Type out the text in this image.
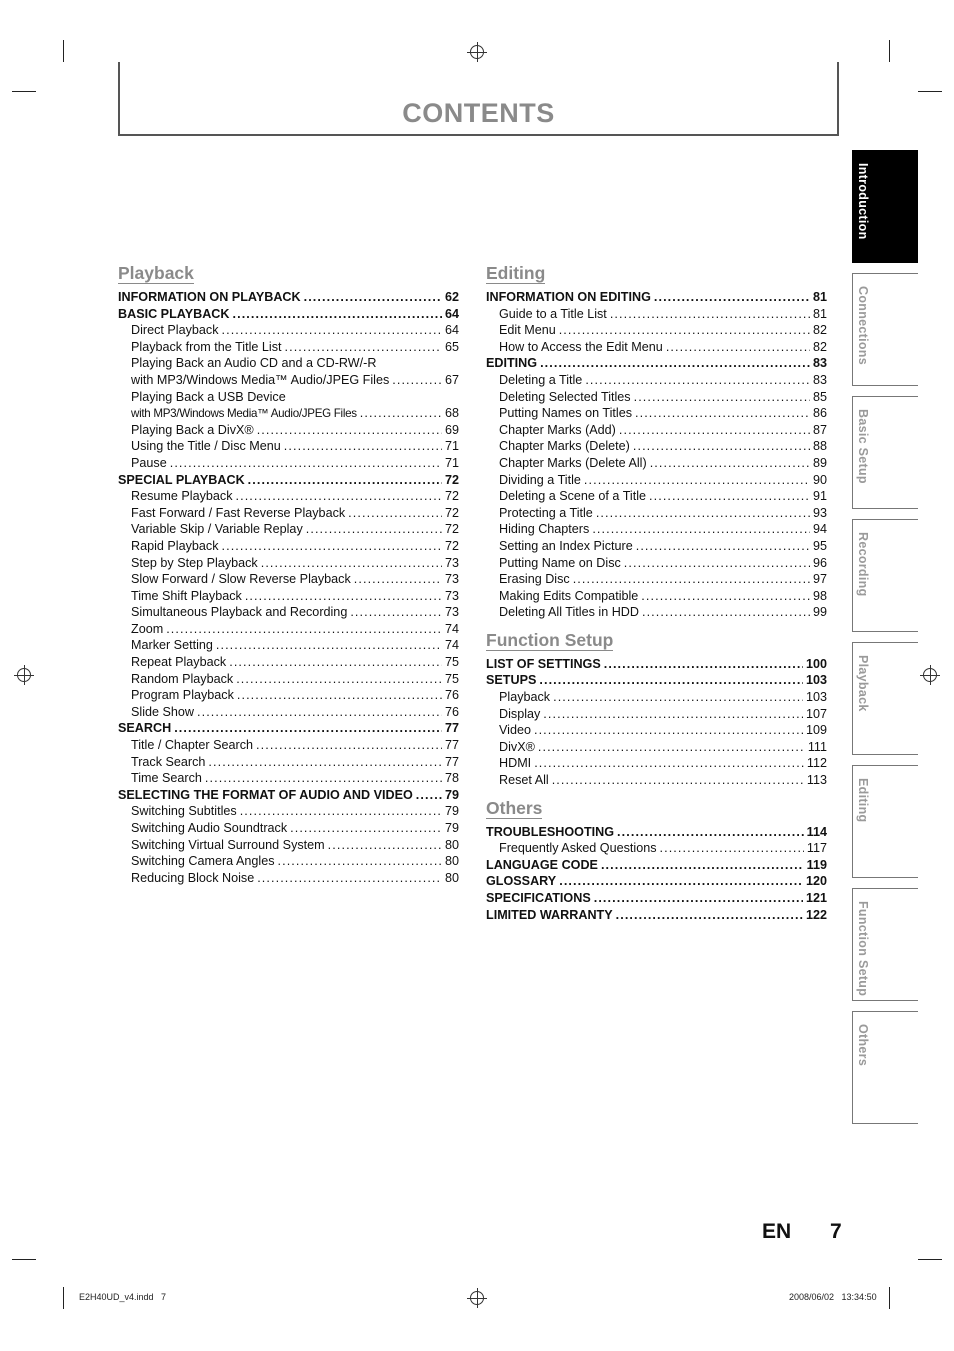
CONTENTS
Playback
INFORMATION ON PLAYBACK . . .	62
BASIC PLAYBACK . . .	64
Direct Playback . . .	64
Playback from the Title List . . .	65
Playing Back an Audio CD and a CD-RW/-R
with MP3/Windows Media™ Audio/JPEG Files . . .	67
Playing Back a USB Device
with MP3/Windows Media™ Audio/JPEG Files . . .	68
Playing Back a DivX® . . .	69
Using the Title / Disc Menu . . .	71
Pause . . .	71
SPECIAL PLAYBACK . . .	72
Resume Playback . . .	72
Fast Forward / Fast Reverse Playback . . .	72
Variable Skip / Variable Replay . . .	72
Rapid Playback . . .	72
Step by Step Playback . . .	73
Slow Forward / Slow Reverse Playback . . .	73
Time Shift Playback . . .	73
Simultaneous Playback and Recording . . .	73
Zoom . . .	74
Marker Setting . . .	74
Repeat Playback . . .	75
Random Playback . . .	75
Program Playback . . .	76
Slide Show . . .	76
SEARCH . . .	77
Title / Chapter Search . . .	77
Track Search . . .	77
Time Search . . .	78
SELECTING THE FORMAT OF AUDIO AND VIDEO . . .	79
Switching Subtitles . . .	79
Switching Audio Soundtrack . . .	79
Switching Virtual Surround System . . .	80
Switching Camera Angles . . .	80
Reducing Block Noise . . .	80
Editing
INFORMATION ON EDITING . . .	81
Guide to a Title List . . .	81
Edit Menu . . .	82
How to Access the Edit Menu . . .	82
EDITING . . .	83
Deleting a Title . . .	83
Deleting Selected Titles . . .	85
Putting Names on Titles . . .	86
Chapter Marks (Add) . . .	87
Chapter Marks (Delete) . . .	88
Chapter Marks (Delete All) . . .	89
Dividing a Title . . .	90
Deleting a Scene of a Title . . .	91
Protecting a Title . . .	93
Hiding Chapters . . .	94
Setting an Index Picture . . .	95
Putting Name on Disc . . .	96
Erasing Disc . . .	97
Making Edits Compatible . . .	98
Deleting All Titles in HDD . . .	99
Function Setup
LIST OF SETTINGS . . .	100
SETUPS . . .	103
Playback . . .	103
Display . . .	107
Video . . .	109
DivX® . . .	111
HDMI . . .	112
Reset All . . .	113
Others
TROUBLESHOOTING . . .	114
Frequently Asked Questions . . .	117
LANGUAGE CODE . . .	119
GLOSSARY . . .	120
SPECIFICATIONS . . .	121
LIMITED WARRANTY . . .	122
Introduction
Connections
Basic Setup
Recording
Playback
Editing
Function Setup
Others
EN 7
E2H40UD_v4.indd   7	2008/06/02   13:34:50
